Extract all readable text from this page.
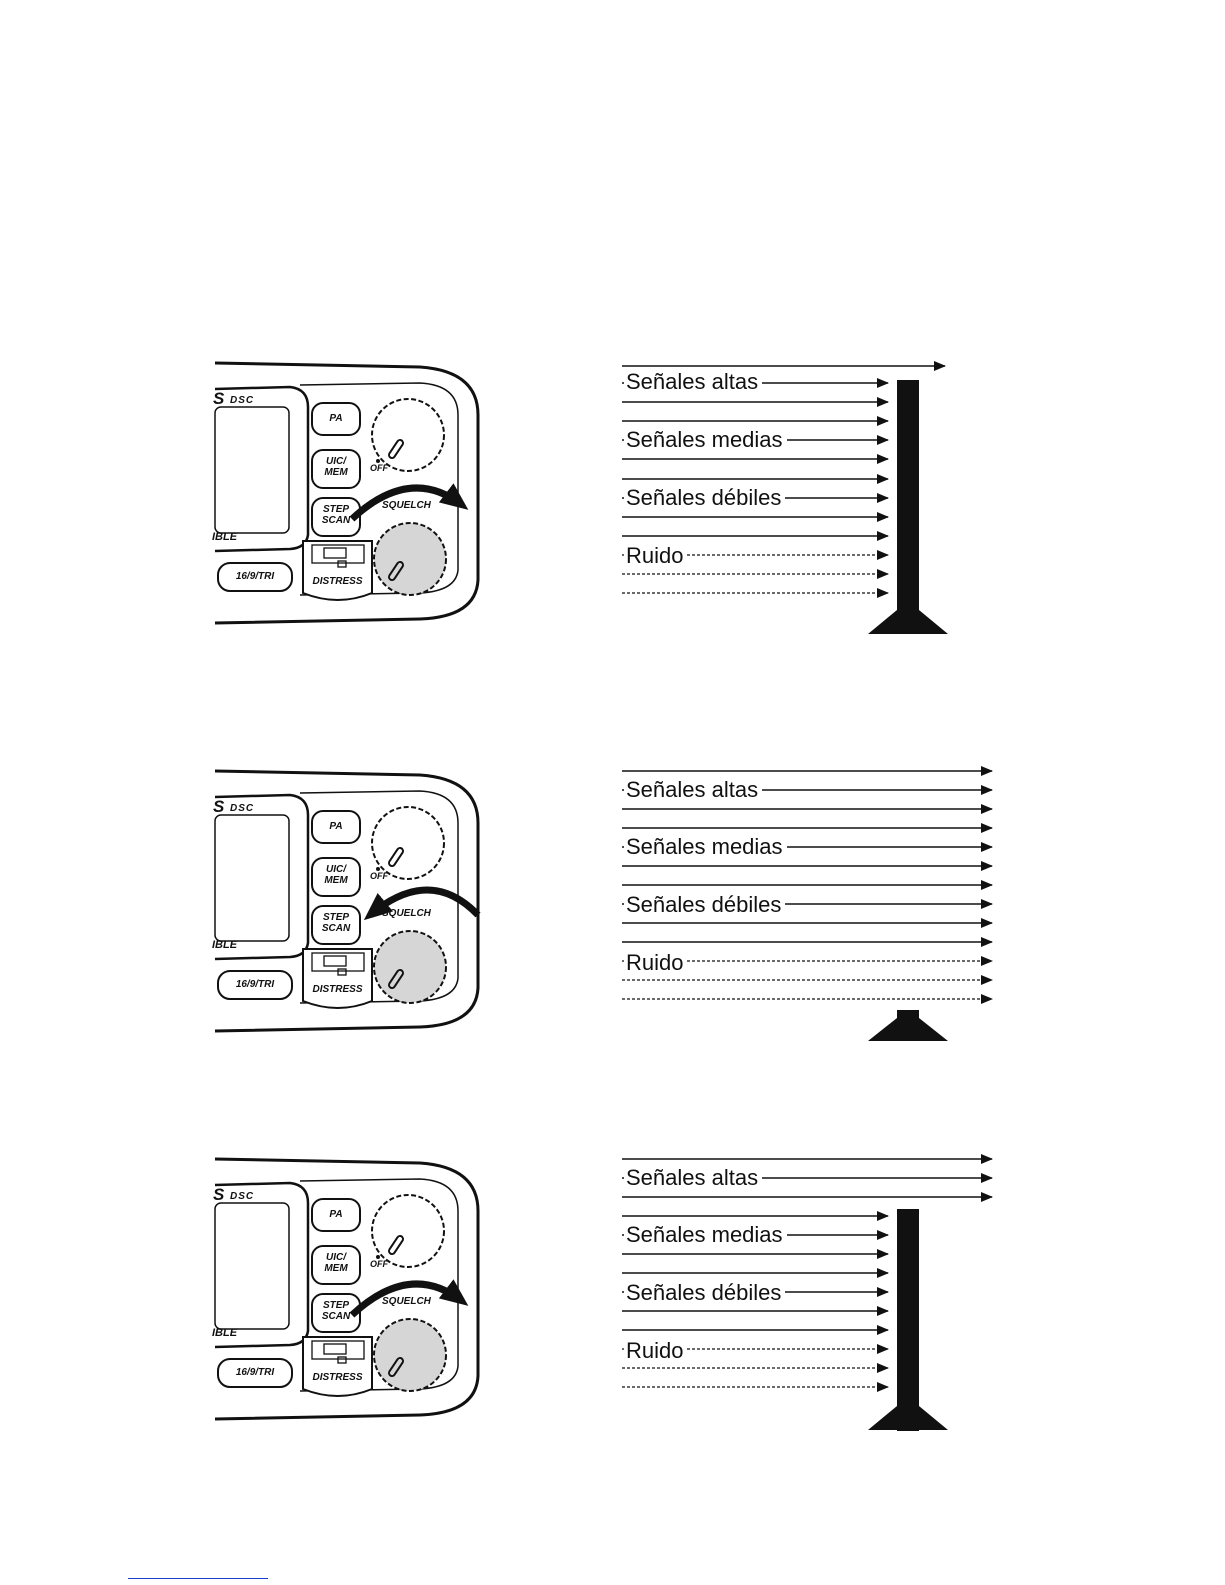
S DSC
IBLE
PA
UIC/
MEM
STEP
SCAN
16/9/TRI	DISTRESS
OFF
SQUELCH
Señales altas
Señales medias
Señales débiles
Ruido
S DSC
IBLE
PA
UIC/
MEM
STEP
SCAN
16/9/TRI	DISTRESS
OFF
SQUELCH
Señales altas
Señales medias
Señales débiles
Ruido
S DSC
IBLE
PA
UIC/
MEM
STEP
SCAN
16/9/TRI	DISTRESS
OFF
SQUELCH
Señales altas
Señales medias
Señales débiles
Ruido
